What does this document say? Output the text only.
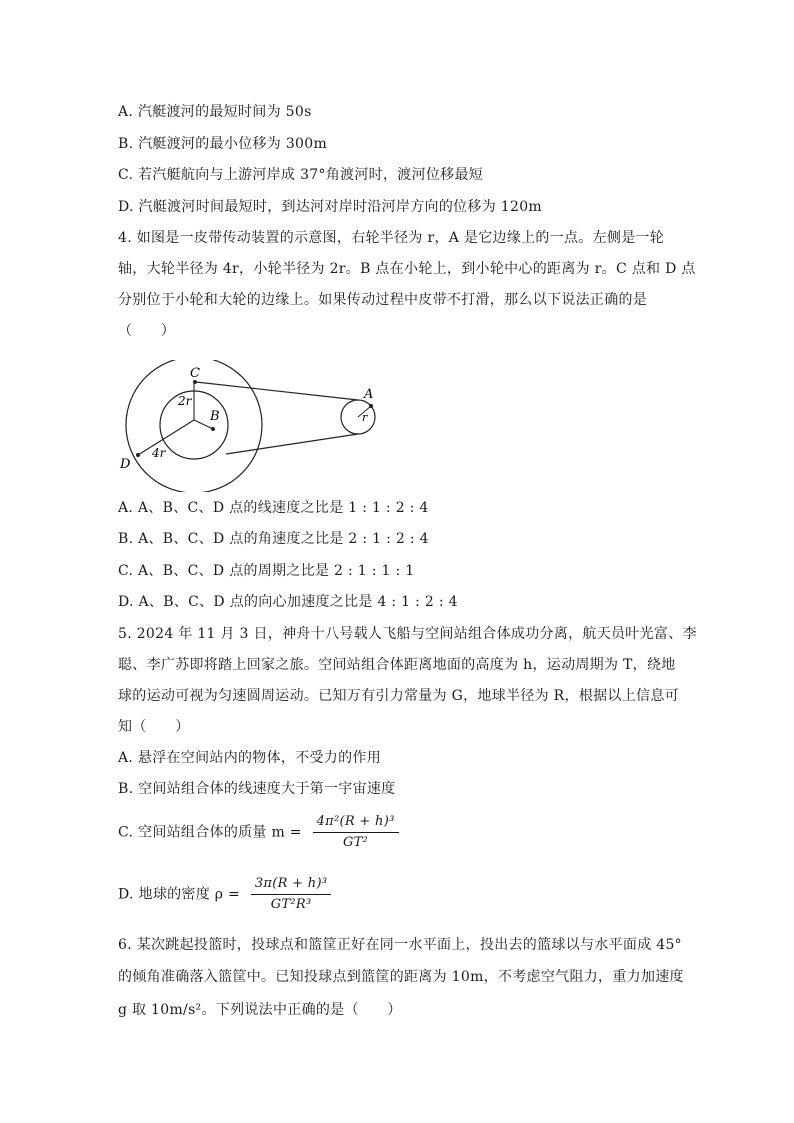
A. 汽艇渡河的最短时间为 50s
B. 汽艇渡河的最小位移为 300m
C. 若汽艇航向与上游河岸成 37°角渡河时，渡河位移最短
D. 汽艇渡河时间最短时，到达河对岸时沿河岸方向的位移为 120m
4. 如图是一皮带传动装置的示意图，右轮半径为 r，A 是它边缘上的一点。左侧是一轮
轴，大轮半径为 4r，小轮半径为 2r。B 点在小轮上，到小轮中心的距离为 r。C 点和 D 点
分别位于小轮和大轮的边缘上。如果传动过程中皮带不打滑，那么以下说法正确的是
（　　）
C
2r
B
D
4r
A
r
A. A、B、C、D 点的线速度之比是 1 : 1 : 2 : 4
B. A、B、C、D 点的角速度之比是 2 : 1 : 2 : 4
C. A、B、C、D 点的周期之比是 2 : 1 : 1 : 1
D. A、B、C、D 点的向心加速度之比是 4 : 1 : 2 : 4
5. 2024 年 11 月 3 日，神舟十八号载人飞船与空间站组合体成功分离，航天员叶光富、李
聪、李广苏即将踏上回家之旅。空间站组合体距离地面的高度为 h，运动周期为 T，绕地
球的运动可视为匀速圆周运动。已知万有引力常量为 G，地球半径为 R，根据以上信息可
知（　　）
A. 悬浮在空间站内的物体，不受力的作用
B. 空间站组合体的线速度大于第一宇宙速度
C. 空间站组合体的质量 $m = \frac{\text{4π²(R + h)³}}{\text{GT²}}$
D. 地球的密度 $\rho = \frac{\text{3π(R + h)³}}{\text{GT²R³}}$
6. 某次跳起投篮时，投球点和篮筐正好在同一水平面上，投出去的篮球以与水平面成 45°
的倾角准确落入篮筐中。已知投球点到篮筐的距离为 10m，不考虑空气阻力，重力加速度
g 取 10m/s²。下列说法中正确的是（　　）
